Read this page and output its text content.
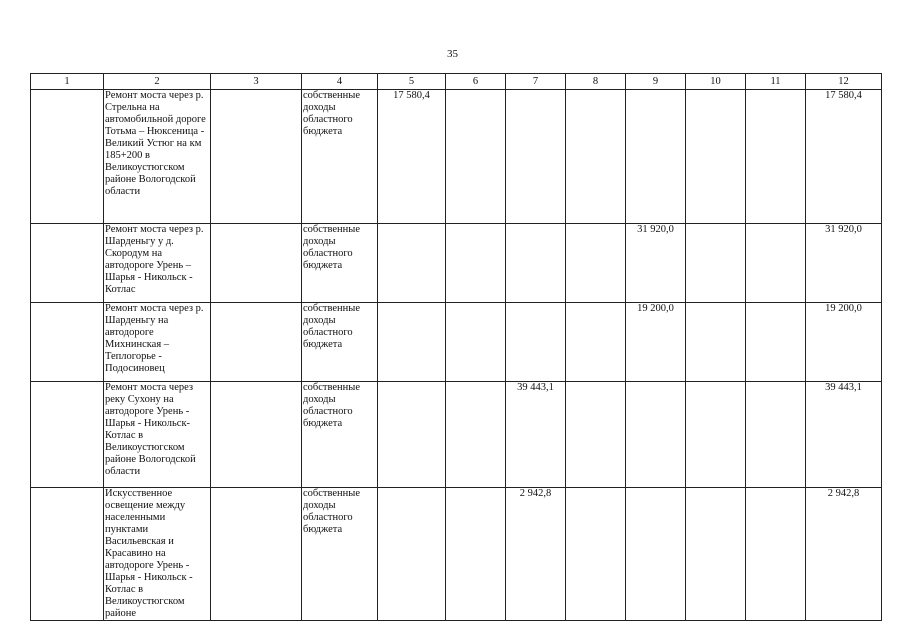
35
1	2	3	4	5	6	7	8	9	10	11	12
	Ремонт моста через р. Стрельна на автомобильной дороге Тотьма – Нюксеница - Великий Устюг на км 185+200 в Великоустюгском районе Вологодской области		собственные доходы областного бюджета	17 580,4							17 580,4
	Ремонт моста через р. Шарденьгу у д. Скородум на автодороге Урень – Шарья - Никольск - Котлас		собственные доходы областного бюджета					31 920,0			31 920,0
	Ремонт моста через р. Шарденьгу на автодороге Михнинская – Теплогорье - Подосиновец		собственные доходы областного бюджета					19 200,0			19 200,0
	Ремонт моста через реку Сухону на автодороге Урень - Шарья - Никольск-Котлас в Великоустюгском районе Вологодской области		собственные доходы областного бюджета			39 443,1					39 443,1
	Искусственное освещение между населенными пунктами Васильевская и Красавино на автодороге Урень - Шарья - Никольск - Котлас в Великоустюгском районе		собственные доходы областного бюджета			2 942,8					2 942,8
